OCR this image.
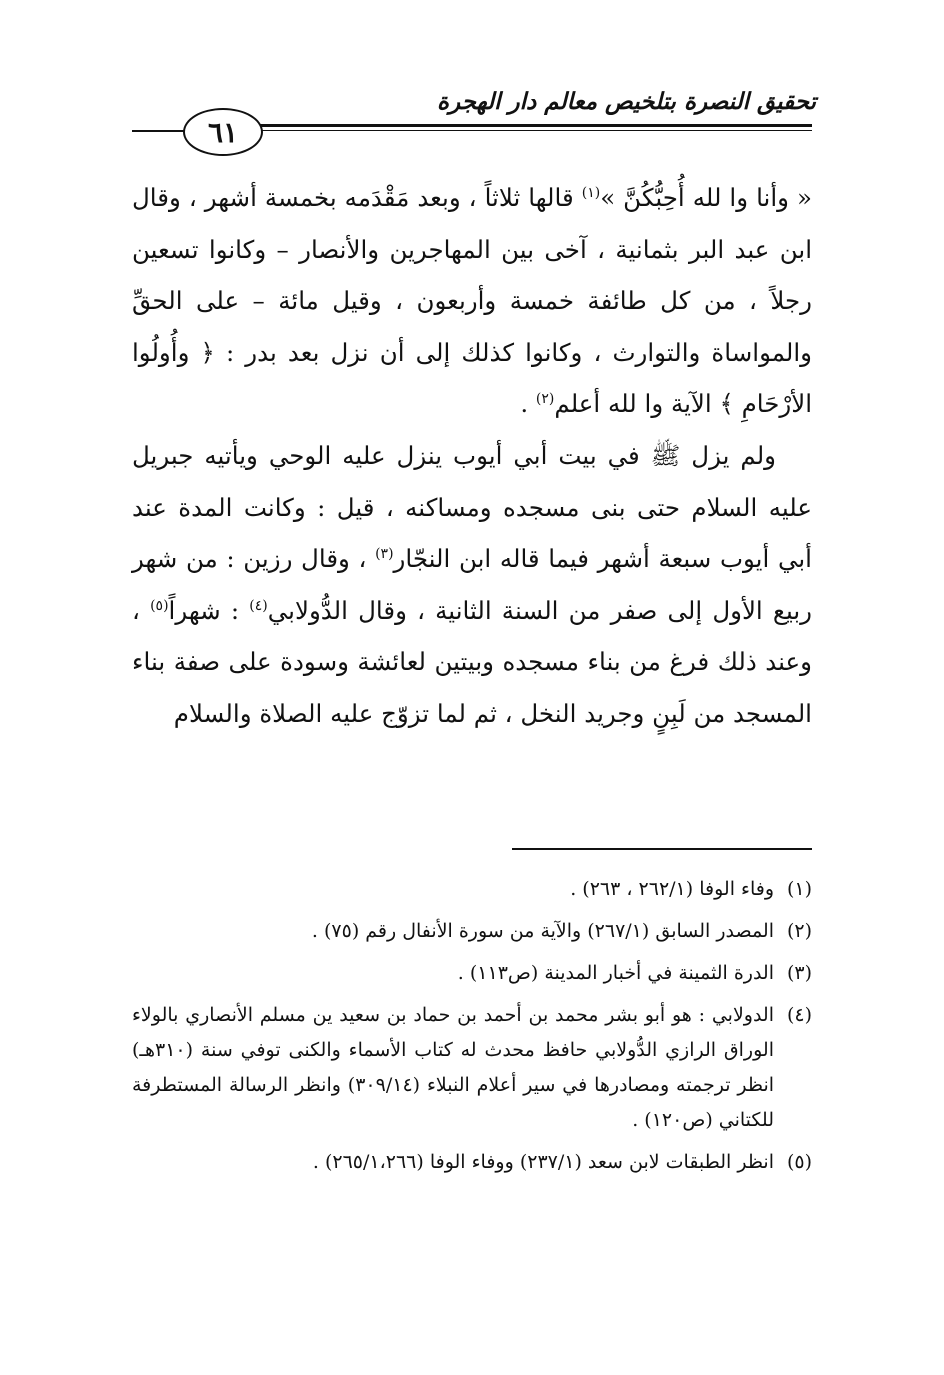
تحقيق النصرة بتلخيص معالم دار الهجرة
٦١

« وأنا وا لله أُحِبُّكُنَّ »$^{(١)}$ قالها ثلاثاً ، وبعد مَقْدَمه بخمسة أشهر ، وقال ابن عبد البر بثمانية ، آخى بين المهاجرين والأنصار – وكانوا تسعين رجلاً ، من كل طائفة خمسة وأربعون ، وقيل مائة – على الحقِّ والمواساة والتوارث ، وكانوا كذلك إلى أن نزل بعد بدر : ﴿ وأُولُوا الأرْحَامِ ﴾ الآية وا لله أعلم$^{(٢)}$ .

ولم يزل ﷺ في بيت أبي أيوب ينزل عليه الوحي ويأتيه جبريل عليه السلام حتى بنى مسجده ومساكنه ، قيل : وكانت المدة عند أبي أيوب سبعة أشهر فيما قاله ابن النجّار$^{(٣)}$ ، وقال رزين : من شهر ربيع الأول إلى صفر من السنة الثانية ، وقال الدُّولابي$^{(٤)}$ : شهراً$^{(٥)}$ ، وعند ذلك فرغ من بناء مسجده وبيتين لعائشة وسودة على صفة بناء المسجد من لَبِنٍ وجريد النخل ، ثم لما تزوّج عليه الصلاة والسلام

(١)
وفاء الوفا (٢٦٢/١ ، ٢٦٣) .
(٢)
المصدر السابق (٢٦٧/١) والآية من سورة الأنفال رقم (٧٥) .
(٣)
الدرة الثمينة في أخبار المدينة (ص١١٣) .
(٤)
الدولابي : هو أبو بشر محمد بن أحمد بن حماد بن سعيد ين مسلم الأنصاري بالولاء الوراق الرازي الدُّولابي حافظ محدث له كتاب الأسماء والكنى توفي سنة (٣١٠هـ) انظر ترجمته ومصادرها في سير أعلام النبلاء (٣٠٩/١٤) وانظر الرسالة المستطرفة للكتاني (ص١٢٠) .
(٥)
انظر الطبقات لابن سعد (٢٣٧/١) ووفاء الوفا (٢٦٥/١،٢٦٦) .
